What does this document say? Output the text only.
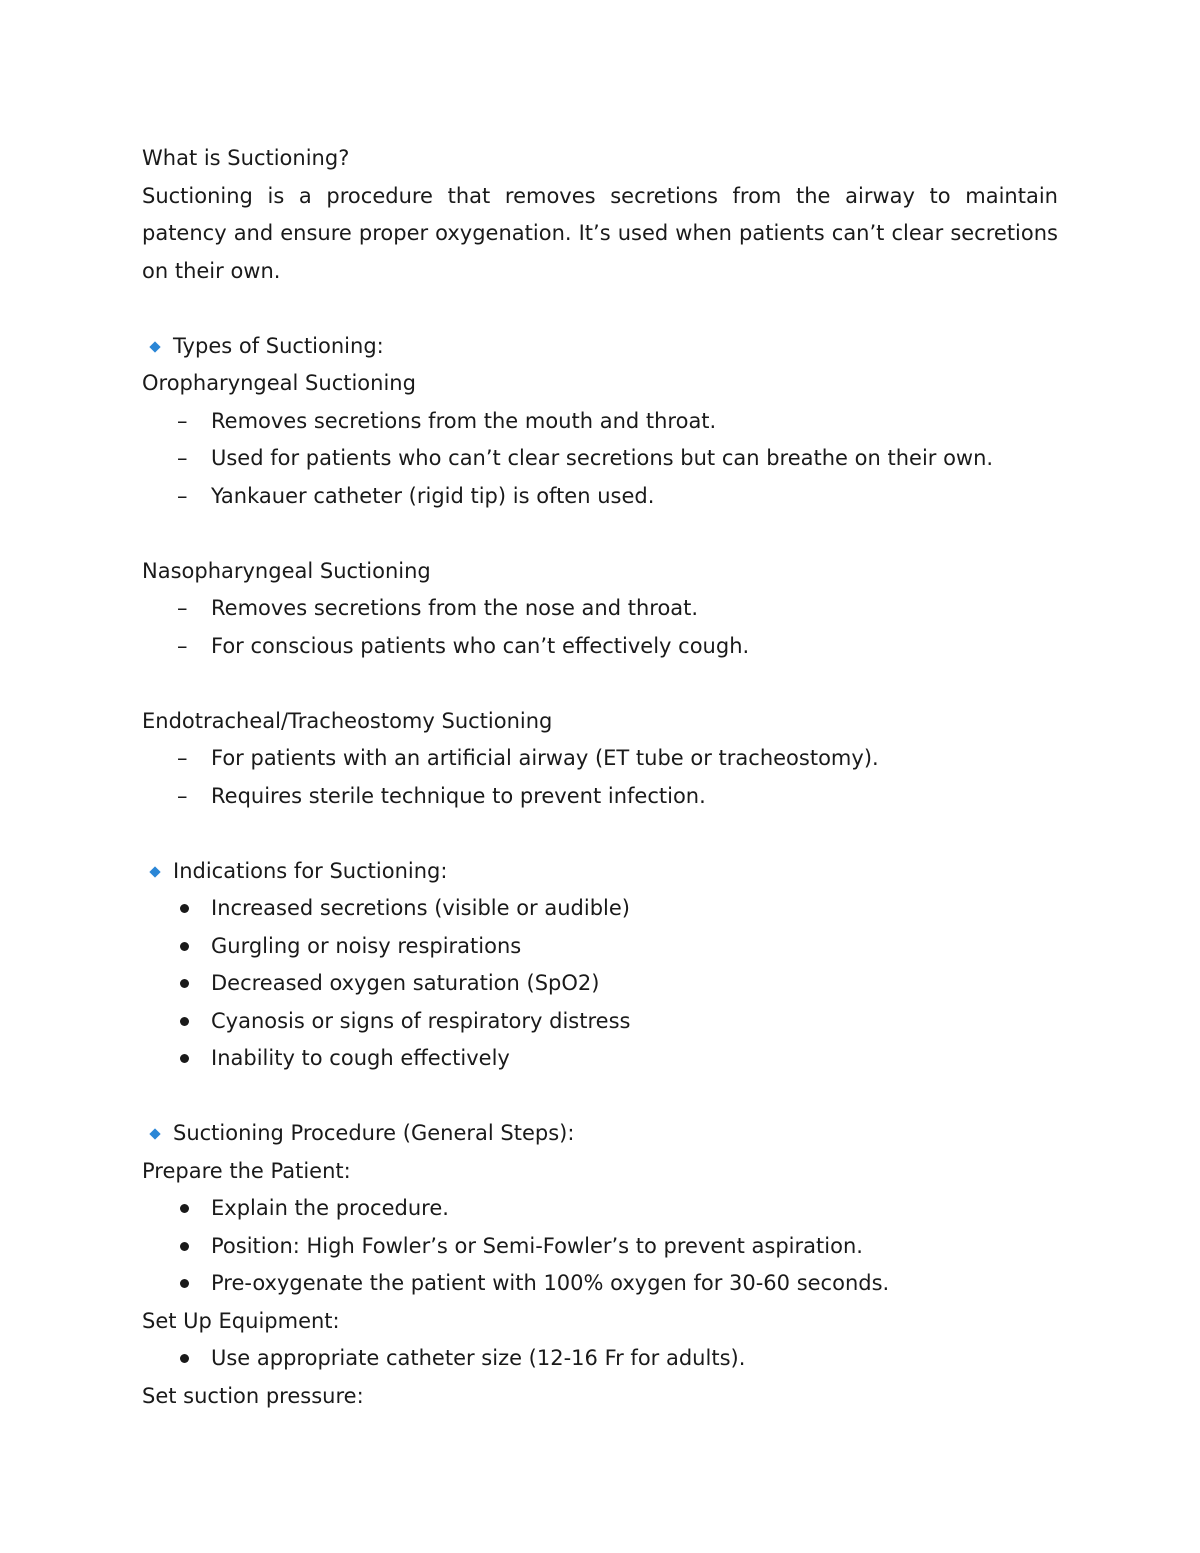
What is Suctioning?

Suctioning is a procedure that removes secretions from the airway to maintain patency and ensure proper oxygenation. It’s used when patients can’t clear secretions on their own.

Types of Suctioning:

Oropharyngeal Suctioning

– Removes secretions from the mouth and throat.
– Used for patients who can’t clear secretions but can breathe on their own.
– Yankauer catheter (rigid tip) is often used.

Nasopharyngeal Suctioning

– Removes secretions from the nose and throat.
– For conscious patients who can’t effectively cough.

Endotracheal/Tracheostomy Suctioning

– For patients with an artificial airway (ET tube or tracheostomy).
– Requires sterile technique to prevent infection.
Indications for Suctioning:
Increased secretions (visible or audible)
Gurgling or noisy respirations
Decreased oxygen saturation (SpO2)
Cyanosis or signs of respiratory distress
Inability to cough effectively
Suctioning Procedure (General Steps):

Prepare the Patient:

Explain the procedure.
Position: High Fowler’s or Semi-Fowler’s to prevent aspiration.
Pre-oxygenate the patient with 100% oxygen for 30-60 seconds.

Set Up Equipment:

Use appropriate catheter size (12-16 Fr for adults).

Set suction pressure:
